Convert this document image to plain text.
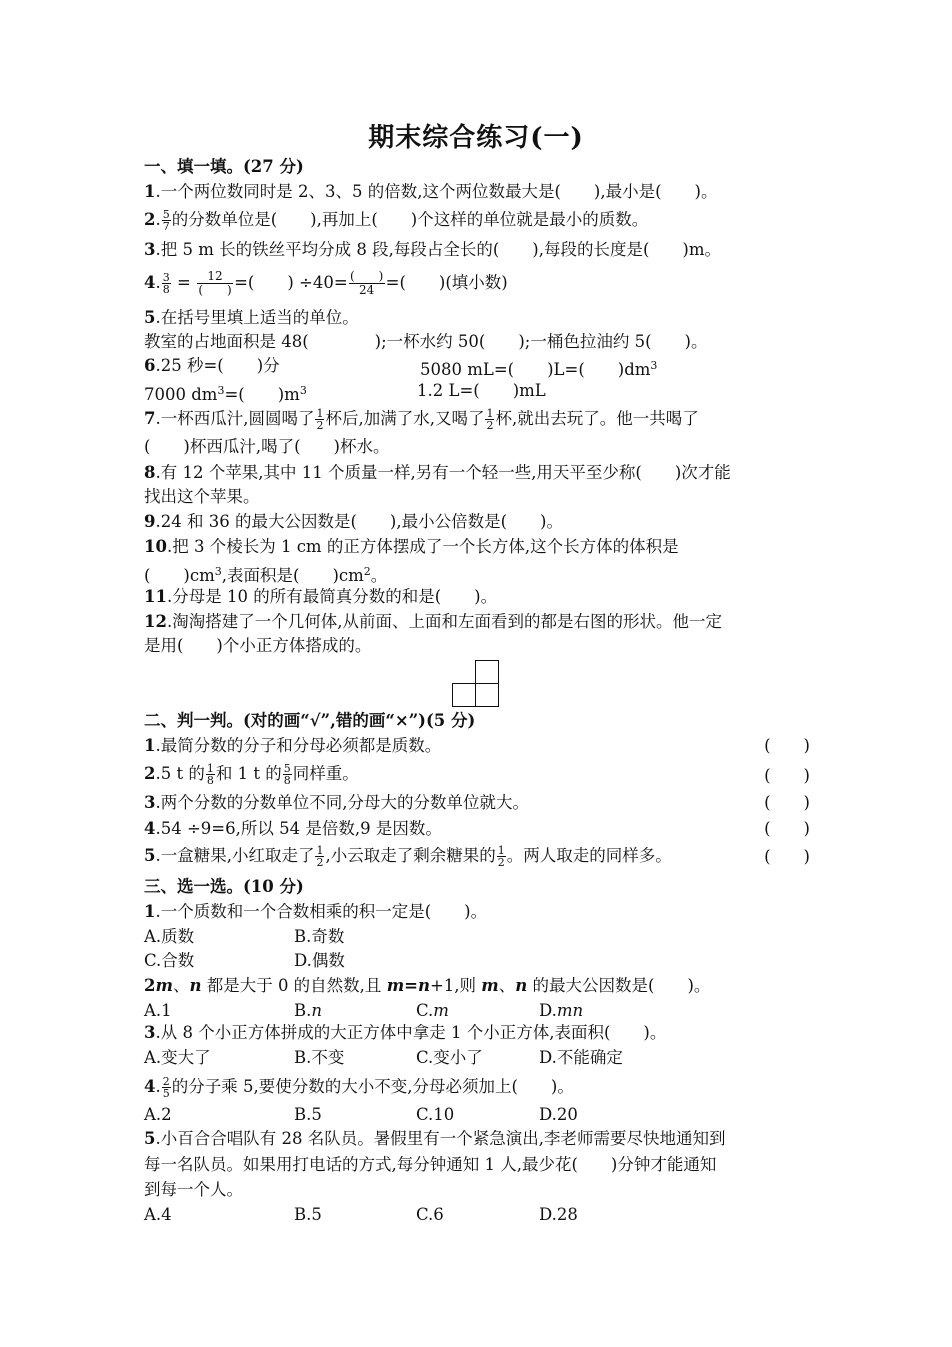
期末综合练习(一)
一、填一填。(27 分)
1.一个两位数同时是 2、3、5 的倍数,这个两位数最大是(　　),最小是(　　)。
2. $\frac{5}{7}$ 的分数单位是(　　),再加上(　　)个这样的单位就是最小的质数。
3.把 5 m 长的铁丝平均分成 8 段,每段占全长的(　　),每段的长度是(　　)m。
4. $\frac{3}{8} = \frac{12}{( )}$ =(　　) $\div 40= \frac{( )}{24}$ =(　　)(填小数)
5.在括号里填上适当的单位。
教室的占地面积是 48(　　　　);一杯水约 50(　　);一桶色拉油约 5(　　)。
6.25 秒=(　　)分	5080 mL=(　　)L=(　　)$dm^3$
7000 $dm^3=$(　　)$m^3$	1.2 L=(　　)mL
7.一杯西瓜汁,圆圆喝了 $\frac{1}{2}$ 杯后,加满了水,又喝了 $\frac{1}{2}$ 杯,就出去玩了。他一共喝了
(　　)杯西瓜汁,喝了(　　)杯水。
8.有 12 个苹果,其中 11 个质量一样,另有一个轻一些,用天平至少称(　　)次才能
找出这个苹果。
9.24 和 36 的最大公因数是(　　),最小公倍数是(　　)。
10.把 3 个棱长为 1 cm 的正方体摆成了一个长方体,这个长方体的体积是
(　　)$cm^3$,表面积是(　　)$cm^2$。
11.分母是 10 的所有最简真分数的和是(　　)。
12.淘淘搭建了一个几何体,从前面、上面和左面看到的都是右图的形状。他一定
是用(　　)个小正方体搭成的。
二、判一判。(对的画“√”,错的画“×”)(5 分)
1.最简分数的分子和分母必须都是质数。	(　　)
2.5 t 的 $\frac{1}{8}$ 和 1 t 的 $\frac{5}{8}$ 同样重。	(　　)
3.两个分数的分数单位不同,分母大的分数单位就大。	(　　)
4.54 ÷9=6,所以 54 是倍数,9 是因数。	(　　)
5.一盒糖果,小红取走了 $\frac{1}{2}$ ,小云取走了剩余糖果的 $\frac{1}{2}$ 。两人取走的同样多。	(　　)
三、选一选。(10 分)
1.一个质数和一个合数相乘的积一定是(　　)。
A.质数	B.奇数
C.合数	D.偶数
2m、n 都是大于 0 的自然数,且 m=n+1,则 m、n 的最大公因数是(　　)。
A.1	B.n	C.m	D.mn
3.从 8 个小正方体拼成的大正方体中拿走 1 个小正方体,表面积(　　)。
A.变大了	B.不变	C.变小了	D.不能确定
4. $\frac{2}{5}$ 的分子乘 5,要使分数的大小不变,分母必须加上(　　)。
A.2	B.5	C.10	D.20
5.小百合合唱队有 28 名队员。暑假里有一个紧急演出,李老师需要尽快地通知到
每一名队员。如果用打电话的方式,每分钟通知 1 人,最少花(　　)分钟才能通知
到每一个人。
A.4	B.5	C.6	D.28
